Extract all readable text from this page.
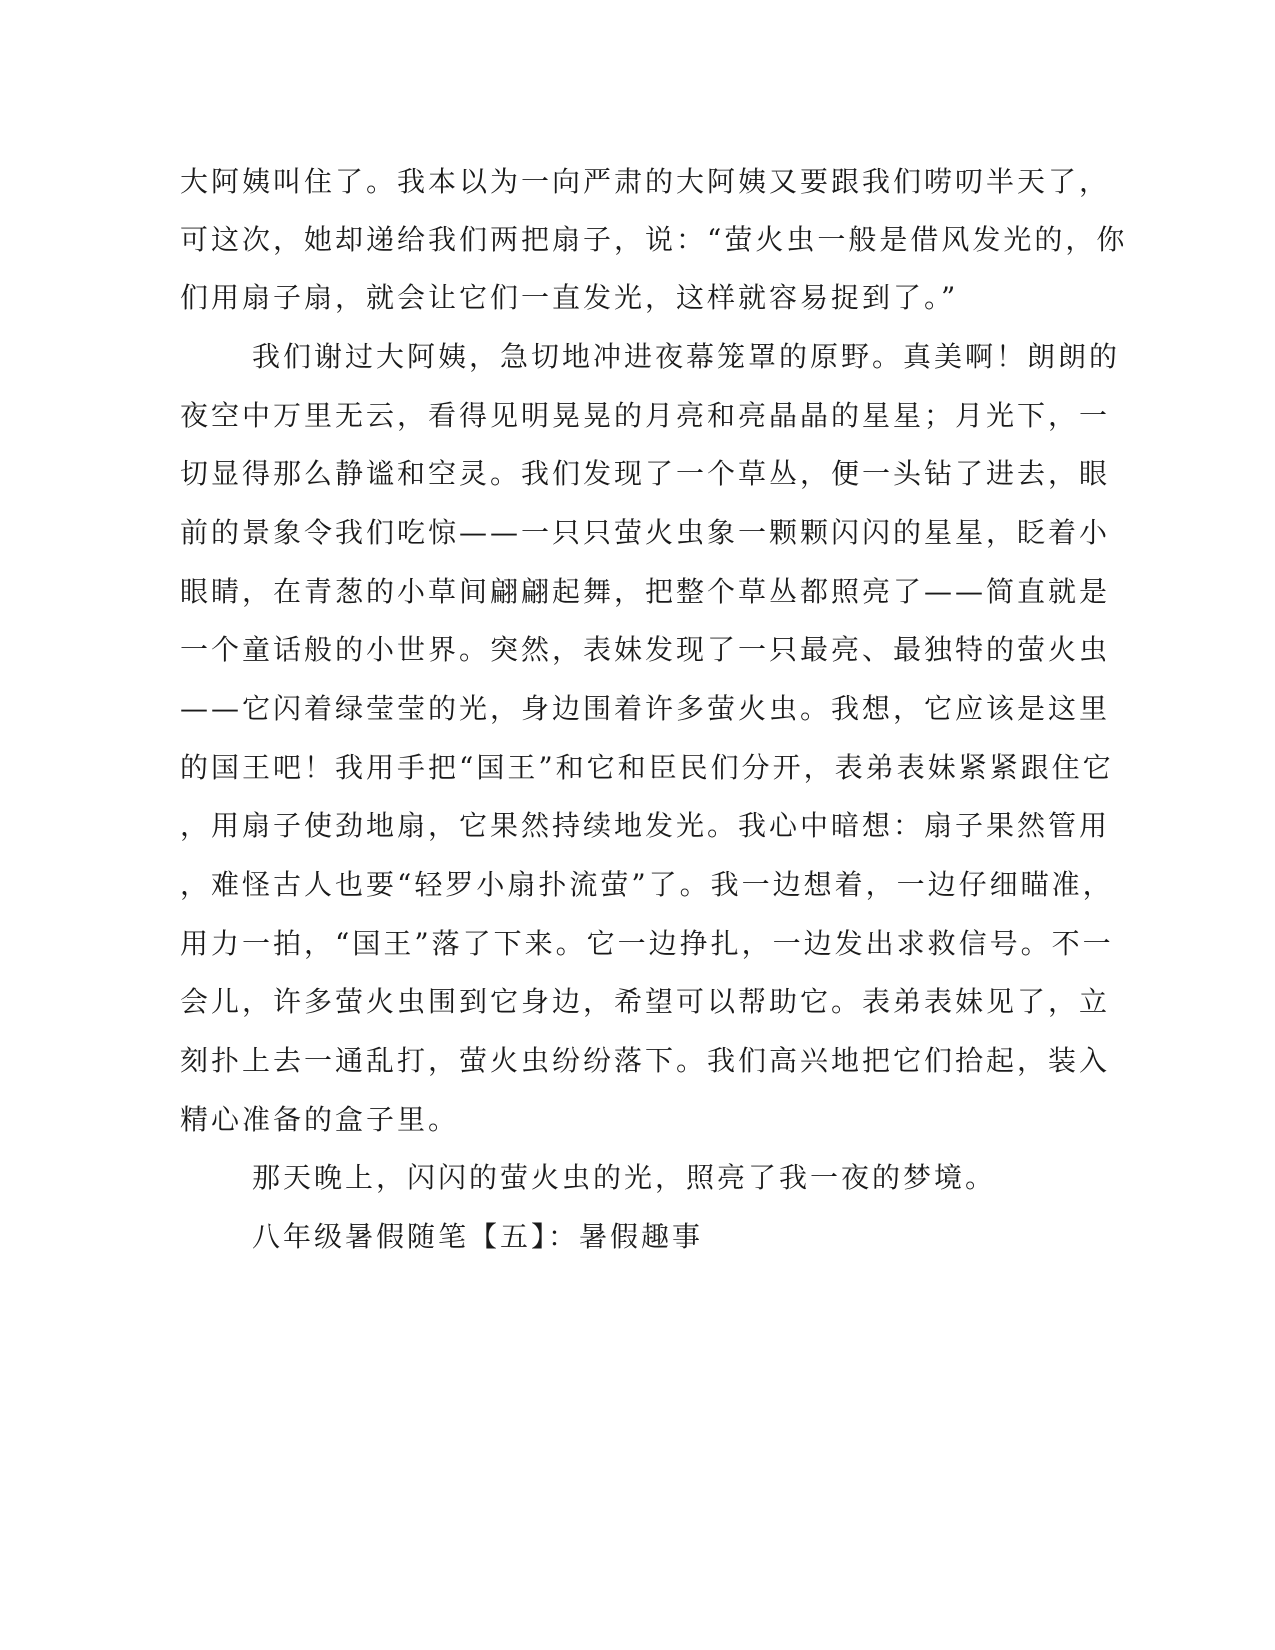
大阿姨叫住了。我本以为一向严肃的大阿姨又要跟我们唠叨半天了，
可这次，她却递给我们两把扇子，说：“萤火虫一般是借风发光的，你
们用扇子扇，就会让它们一直发光，这样就容易捉到了。”
我们谢过大阿姨，急切地冲进夜幕笼罩的原野。真美啊！朗朗的
夜空中万里无云，看得见明晃晃的月亮和亮晶晶的星星；月光下，一
切显得那么静谧和空灵。我们发现了一个草丛，便一头钻了进去，眼
前的景象令我们吃惊——一只只萤火虫象一颗颗闪闪的星星，眨着小
眼睛，在青葱的小草间翩翩起舞，把整个草丛都照亮了——简直就是
一个童话般的小世界。突然，表妹发现了一只最亮、最独特的萤火虫
——它闪着绿莹莹的光，身边围着许多萤火虫。我想，它应该是这里
的国王吧！我用手把“国王”和它和臣民们分开，表弟表妹紧紧跟住它
，用扇子使劲地扇，它果然持续地发光。我心中暗想：扇子果然管用
，难怪古人也要“轻罗小扇扑流萤”了。我一边想着，一边仔细瞄准，
用力一拍，“国王”落了下来。它一边挣扎，一边发出求救信号。不一
会儿，许多萤火虫围到它身边，希望可以帮助它。表弟表妹见了，立
刻扑上去一通乱打，萤火虫纷纷落下。我们高兴地把它们拾起，装入
精心准备的盒子里。
那天晚上，闪闪的萤火虫的光，照亮了我一夜的梦境。
八年级暑假随笔【五】：暑假趣事
